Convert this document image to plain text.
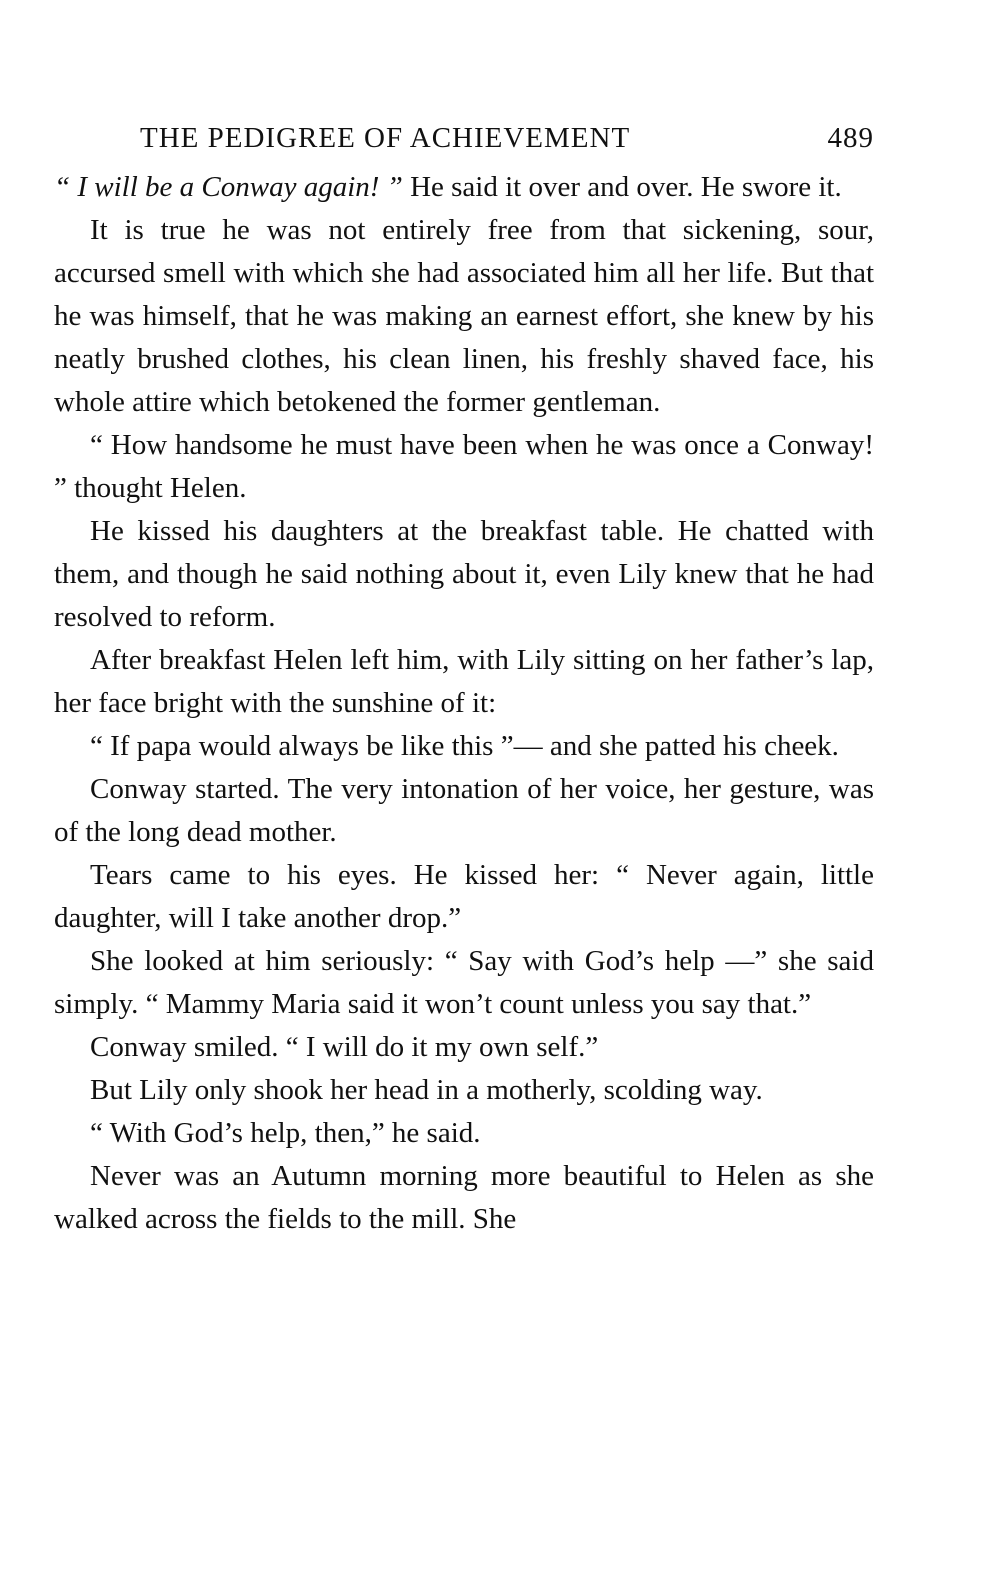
THE PEDIGREE OF ACHIEVEMENT	489

“ I will be a Conway again! ” He said it over and over. He swore it.

It is true he was not entirely free from that sickening, sour, accursed smell with which she had associated him all her life. But that he was himself, that he was making an earnest effort, she knew by his neatly brushed clothes, his clean linen, his freshly shaved face, his whole attire which betokened the former gentleman.

“ How handsome he must have been when he was once a Conway! ” thought Helen.

He kissed his daughters at the breakfast table. He chatted with them, and though he said nothing about it, even Lily knew that he had resolved to reform.

After breakfast Helen left him, with Lily sitting on her father’s lap, her face bright with the sunshine of it:

“ If papa would always be like this ”— and she patted his cheek.

Conway started. The very intonation of her voice, her gesture, was of the long dead mother.

Tears came to his eyes. He kissed her: “ Never again, little daughter, will I take another drop.”

She looked at him seriously: “ Say with God’s help —” she said simply. “ Mammy Maria said it won’t count unless you say that.”

Conway smiled. “ I will do it my own self.”

But Lily only shook her head in a motherly, scolding way.

“ With God’s help, then,” he said.

Never was an Autumn morning more beautiful to Helen as she walked across the fields to the mill. She
